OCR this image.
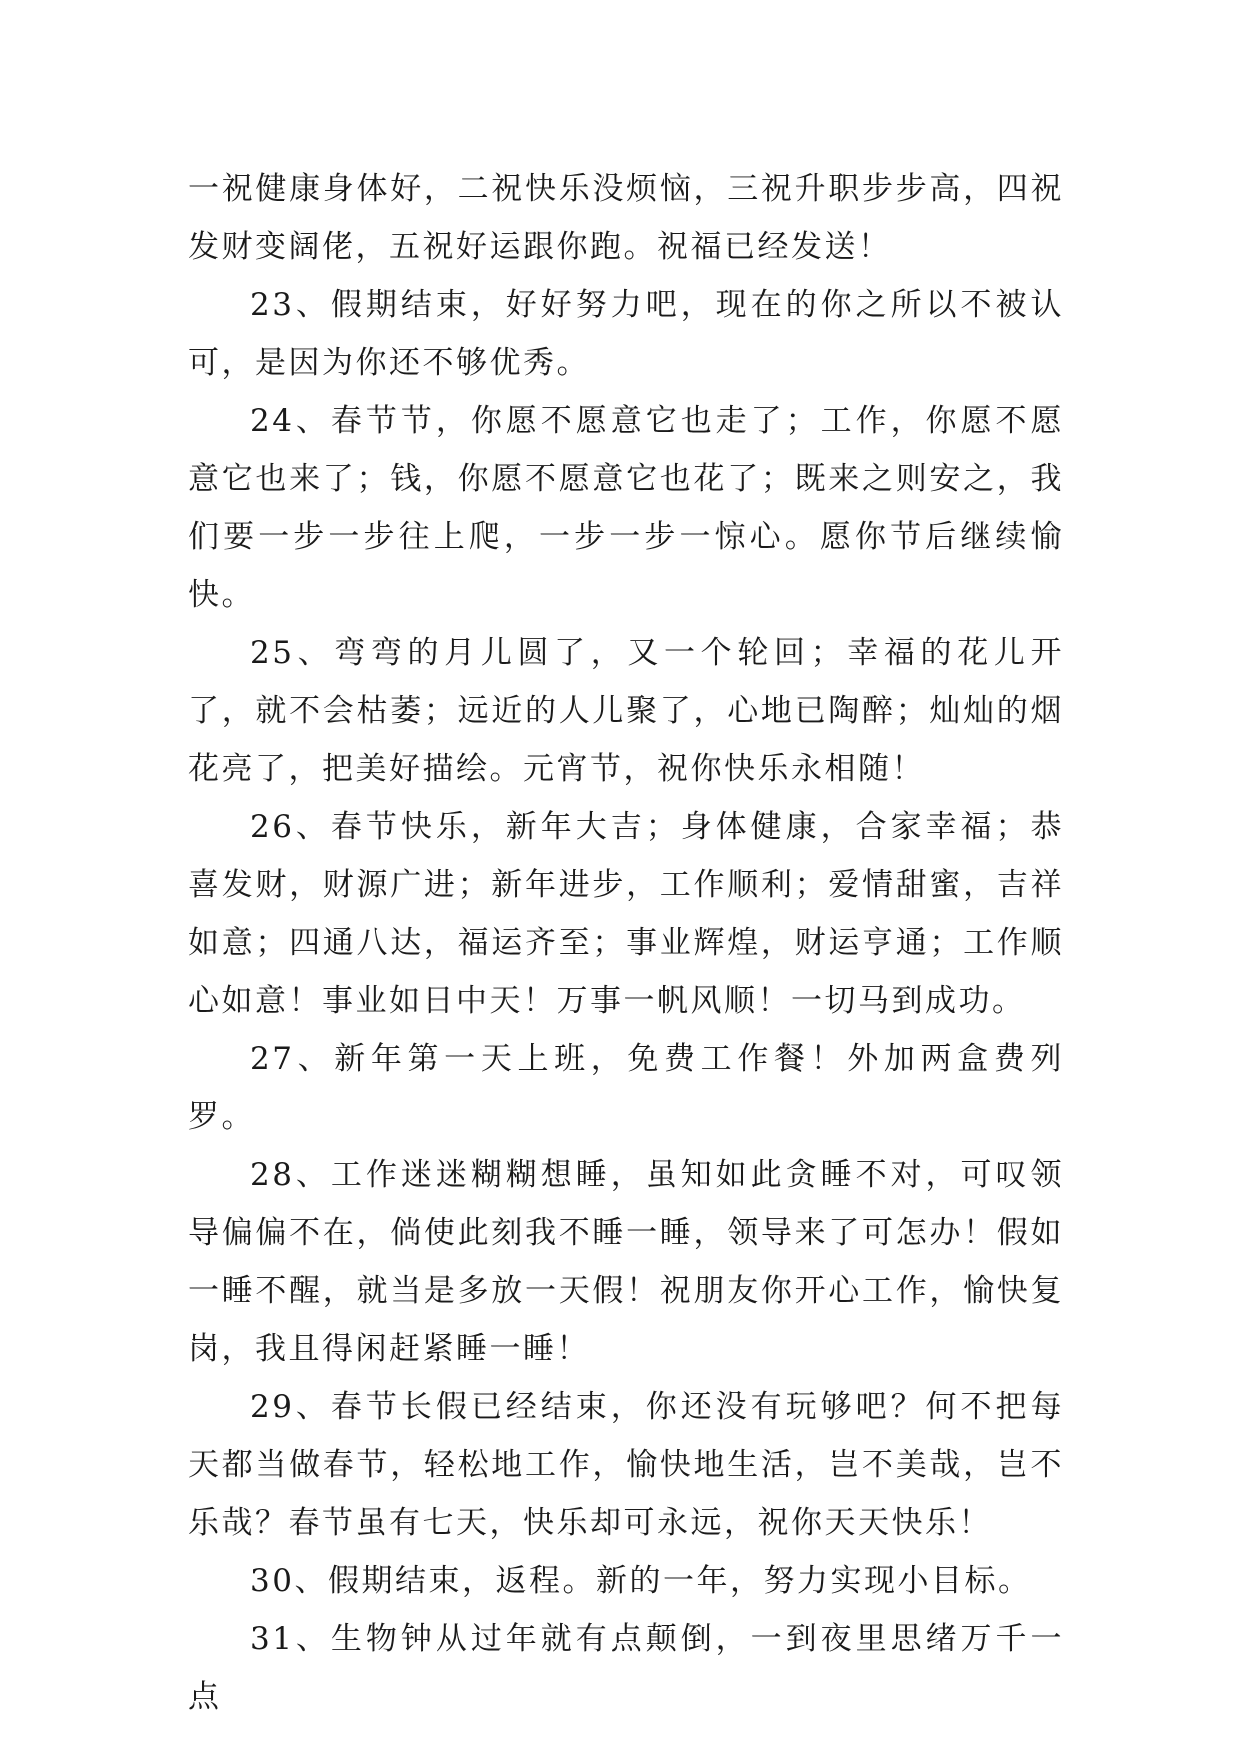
一祝健康身体好，二祝快乐没烦恼，三祝升职步步高，四祝发财变阔佬，五祝好运跟你跑。祝福已经发送！

23、假期结束，好好努力吧，现在的你之所以不被认可，是因为你还不够优秀。

24、春节节，你愿不愿意它也走了；工作，你愿不愿意它也来了；钱，你愿不愿意它也花了；既来之则安之，我们要一步一步往上爬，一步一步一惊心。愿你节后继续愉快。

25、弯弯的月儿圆了，又一个轮回；幸福的花儿开了，就不会枯萎；远近的人儿聚了，心地已陶醉；灿灿的烟花亮了，把美好描绘。元宵节，祝你快乐永相随！

26、春节快乐，新年大吉；身体健康，合家幸福；恭喜发财，财源广进；新年进步，工作顺利；爱情甜蜜，吉祥如意；四通八达，福运齐至；事业辉煌，财运亨通；工作顺心如意！事业如日中天！万事一帆风顺！一切马到成功。

27、新年第一天上班，免费工作餐！外加两盒费列罗。

28、工作迷迷糊糊想睡，虽知如此贪睡不对，可叹领导偏偏不在，倘使此刻我不睡一睡，领导来了可怎办！假如一睡不醒，就当是多放一天假！祝朋友你开心工作，愉快复岗，我且得闲赶紧睡一睡！

29、春节长假已经结束，你还没有玩够吧？何不把每天都当做春节，轻松地工作，愉快地生活，岂不美哉，岂不乐哉？春节虽有七天，快乐却可永远，祝你天天快乐！

30、假期结束，返程。新的一年，努力实现小目标。

31、生物钟从过年就有点颠倒，一到夜里思绪万千一点
